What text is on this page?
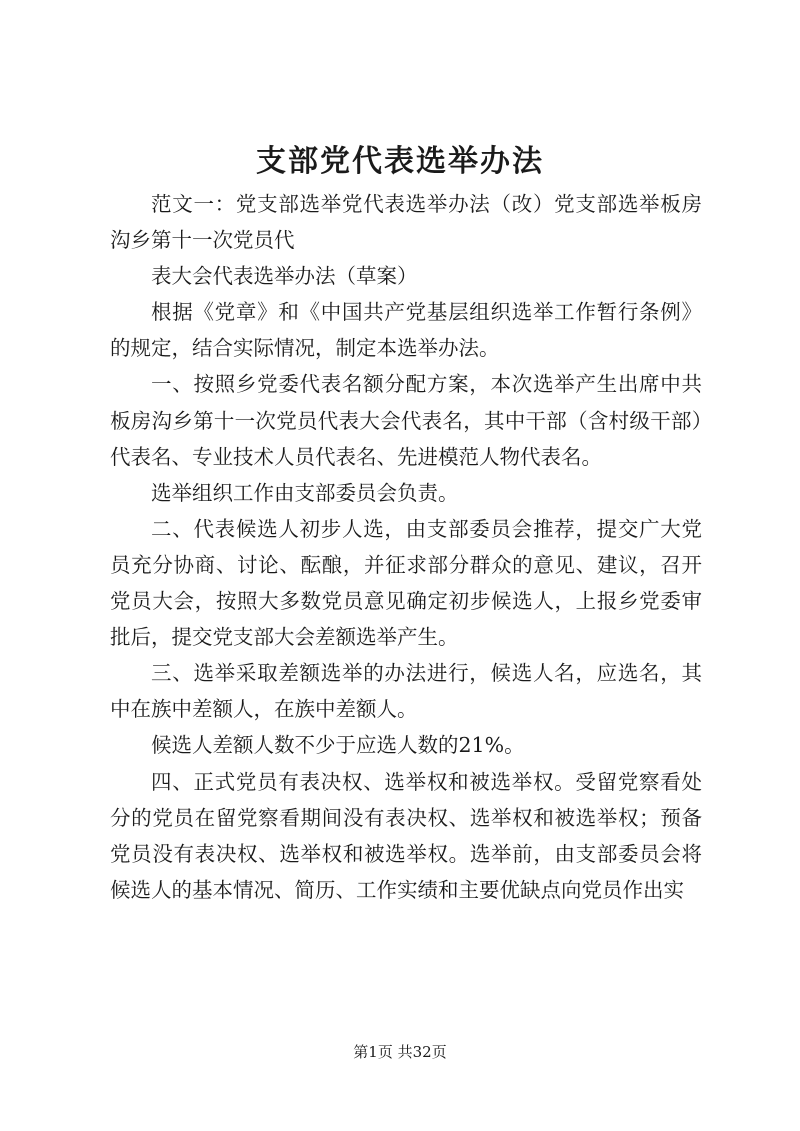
支部党代表选举办法

范文一：党支部选举党代表选举办法（改）党支部选举板房沟乡第十一次党员代

表大会代表选举办法（草案）

根据《党章》和《中国共产党基层组织选举工作暂行条例》的规定，结合实际情况，制定本选举办法。

一、按照乡党委代表名额分配方案，本次选举产生出席中共板房沟乡第十一次党员代表大会代表名，其中干部（含村级干部）代表名、专业技术人员代表名、先进模范人物代表名。

选举组织工作由支部委员会负责。

二、代表候选人初步人选，由支部委员会推荐，提交广大党员充分协商、讨论、酝酿，并征求部分群众的意见、建议，召开党员大会，按照大多数党员意见确定初步候选人，上报乡党委审批后，提交党支部大会差额选举产生。

三、选举采取差额选举的办法进行，候选人名，应选名，其中在族中差额人，在族中差额人。

候选人差额人数不少于应选人数的21%。

四、正式党员有表决权、选举权和被选举权。受留党察看处分的党员在留党察看期间没有表决权、选举权和被选举权；预备党员没有表决权、选举权和被选举权。选举前，由支部委员会将候选人的基本情况、简历、工作实绩和主要优缺点向党员作出实

第1页 共32页
